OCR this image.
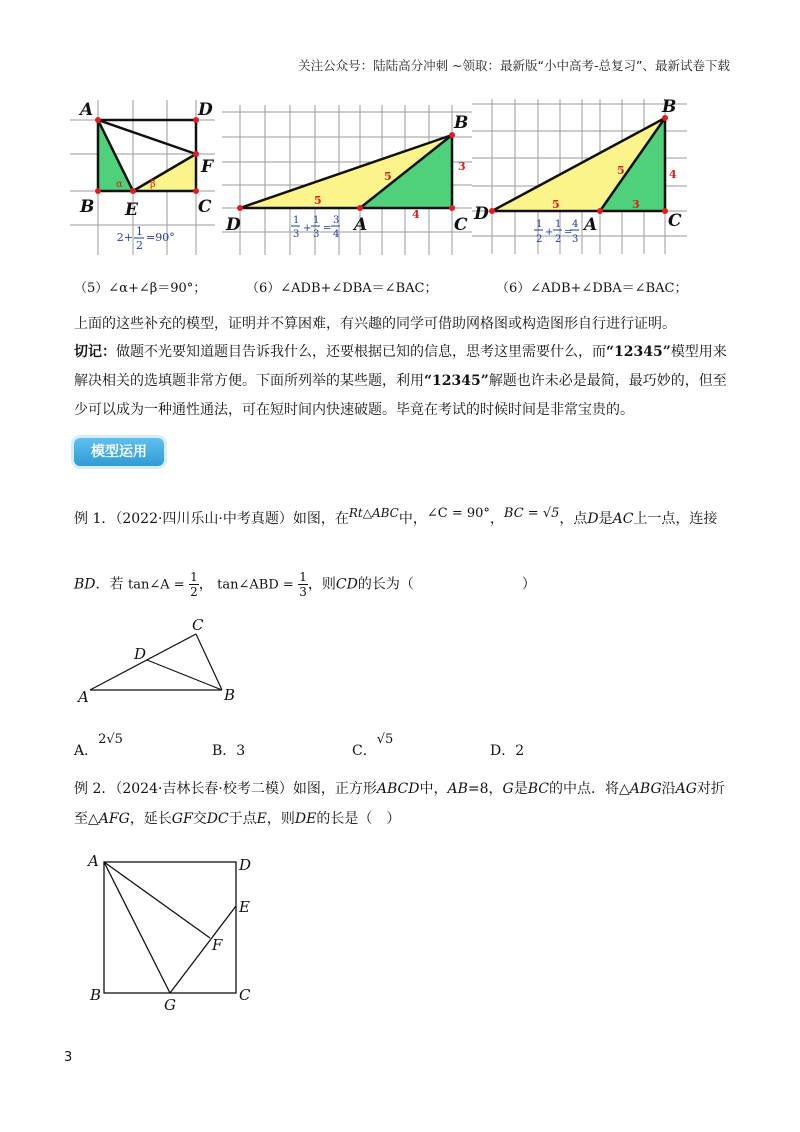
关注公众号：陆陆高分冲刺 ~领取：最新版“小中高考-总复习”、最新试卷下载
A	D
B E	C
F
α	β
1
2
2+ =90°
B
D	A	C
5
5
3
4
1
3
+
1
3
=
3
4
B
D
A	C
5
5	4
3
1
2
+
1
2
=
4
3
（5）∠α+∠β＝90°；	（6）∠ADB+∠DBA＝∠BAC；	（6）∠ADB+∠DBA＝∠BAC；
上面的这些补充的模型，证明并不算困难，有兴趣的同学可借助网格图或构造图形自行进行证明。
切记：做题不光要知道题目告诉我什么，还要根据已知的信息，思考这里需要什么，而“12345”模型用来解决相关的选填题非常方便。下面所列举的某些题，利用“12345”解题也许未必是最简，最巧妙的，但至少可以成为一种通性通法，可在短时间内快速破题。毕竟在考试的时候时间是非常宝贵的。
模型运用
例 1．（2022·四川乐山·中考真题）如图，在Rt△ABC中，∠C = 90°，BC = √5，点D是AC上一点，连接
BD．若 tan∠A = $\frac{1}{2}$ ， tan∠ABD = $\frac{1}{3}$ ，则CD的长为（	）
C
D
A	B
A．2√5
B．3	C．√5
D．2
例 2．（2024·吉林长春·校考二模）如图，正方形ABCD中，AB=8，G是BC的中点．将△ABG沿AG对折
至△AFG，延长GF交DC于点E，则DE的长是（　）
A	D
E
F
B
G
C
3
